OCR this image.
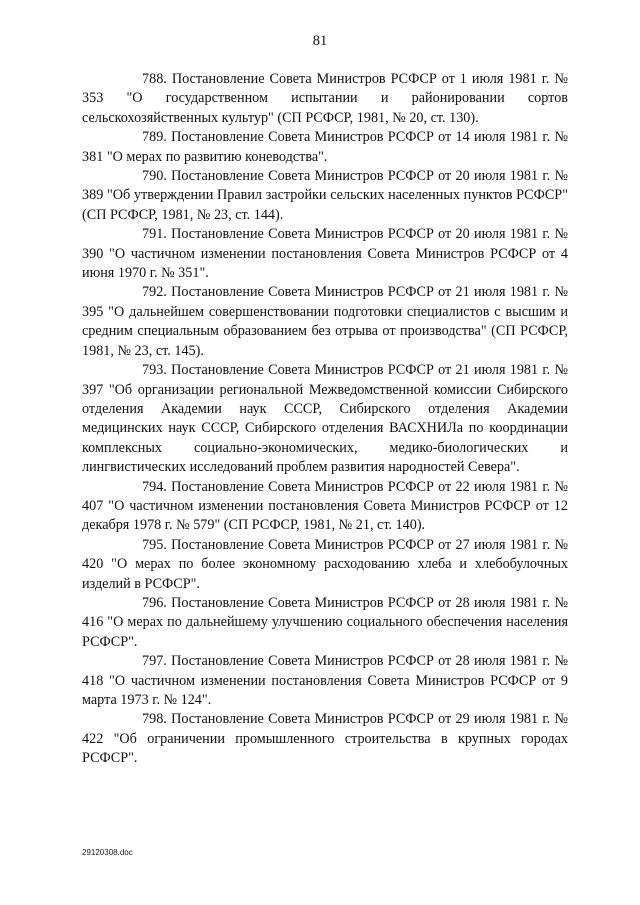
81

788. Постановление Совета Министров РСФСР от 1 июля 1981 г. № 353 "О государственном испытании и районировании сортов сельскохозяйственных культур" (СП РСФСР, 1981, № 20, ст. 130).

789. Постановление Совета Министров РСФСР от 14 июля 1981 г. № 381 "О мерах по развитию коневодства".

790. Постановление Совета Министров РСФСР от 20 июля 1981 г. № 389 "Об утверждении Правил застройки сельских населенных пунктов РСФСР" (СП РСФСР, 1981, № 23, ст. 144).

791. Постановление Совета Министров РСФСР от 20 июля 1981 г. № 390 "О частичном изменении постановления Совета Министров РСФСР от 4 июня 1970 г. № 351".

792. Постановление Совета Министров РСФСР от 21 июля 1981 г. № 395 "О дальнейшем совершенствовании подготовки специалистов с высшим и средним специальным образованием без отрыва от производства" (СП РСФСР, 1981, № 23, ст. 145).

793. Постановление Совета Министров РСФСР от 21 июля 1981 г. № 397 "Об организации региональной Межведомственной комиссии Сибирского отделения Академии наук СССР, Сибирского отделения Академии медицинских наук СССР, Сибирского отделения ВАСХНИЛа по координации комплексных социально-экономических, медико-биологических и лингвистических исследований проблем развития народностей Севера".

794. Постановление Совета Министров РСФСР от 22 июля 1981 г. № 407 "О частичном изменении постановления Совета Министров РСФСР от 12 декабря 1978 г. № 579" (СП РСФСР, 1981, № 21, ст. 140).

795. Постановление Совета Министров РСФСР от 27 июля 1981 г. № 420 "О мерах по более экономному расходованию хлеба и хлебобулочных изделий в РСФСР".

796. Постановление Совета Министров РСФСР от 28 июля 1981 г. № 416 "О мерах по дальнейшему улучшению социального обеспечения населения РСФСР".

797. Постановление Совета Министров РСФСР от 28 июля 1981 г. № 418 "О частичном изменении постановления Совета Министров РСФСР от 9 марта 1973 г. № 124".

798. Постановление Совета Министров РСФСР от 29 июля 1981 г. № 422 "Об ограничении промышленного строительства в крупных городах РСФСР".

29120308.doc
